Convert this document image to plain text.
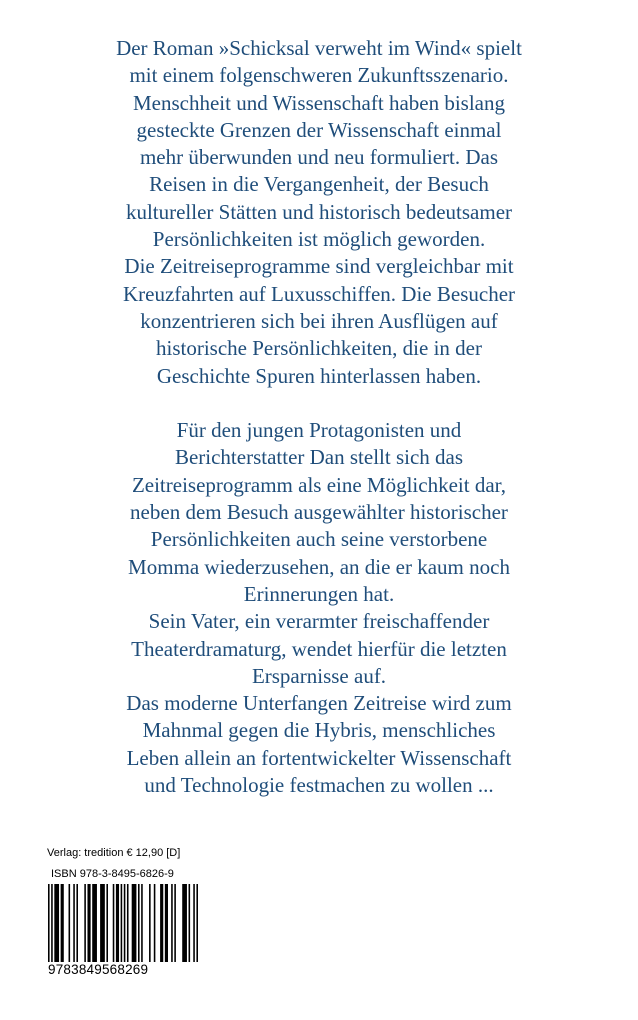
Der Roman »Schicksal verweht im Wind« spielt
mit einem folgenschweren Zukunftsszenario.
Menschheit und Wissenschaft haben bislang
gesteckte Grenzen der Wissenschaft einmal
mehr überwunden und neu formuliert. Das
Reisen in die Vergangenheit, der Besuch
kultureller Stätten und historisch bedeutsamer
Persönlichkeiten ist möglich geworden.
Die Zeitreiseprogramme sind vergleichbar mit
Kreuzfahrten auf Luxusschiffen. Die Besucher
konzentrieren sich bei ihren Ausflügen auf
historische Persönlichkeiten, die in der
Geschichte Spuren hinterlassen haben.
Für den jungen Protagonisten und
Berichterstatter Dan stellt sich das
Zeitreiseprogramm als eine Möglichkeit dar,
neben dem Besuch ausgewählter historischer
Persönlichkeiten auch seine verstorbene
Momma wiederzusehen, an die er kaum noch
Erinnerungen hat.
Sein Vater, ein verarmter freischaffender
Theaterdramaturg, wendet hierfür die letzten
Ersparnisse auf.
Das moderne Unterfangen Zeitreise wird zum
Mahnmal gegen die Hybris, menschliches
Leben allein an fortentwickelter Wissenschaft
und Technologie festmachen zu wollen ...
Verlag: tredition € 12,90 [D]
ISBN 978-3-8495-6826-9
9783849568269
